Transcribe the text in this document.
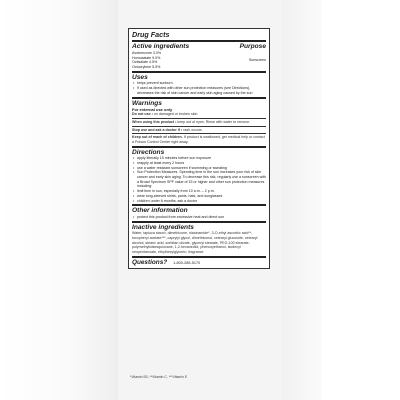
Drug Facts
Active ingredients	Purpose
Avobenzone 3.0%
Homosalate 9.0%
Octisalate 4.5%
Octocrylene 5.5%
Sunscreen
Uses
• helps prevent sunburn
• if used as directed with other sun protection measures (see Directions), decreases the risk of skin cancer and early skin aging caused by the sun
Warnings
For external use only
Do not use • on damaged or broken skin
When using this product • keep out of eyes. Rinse with water to remove.
Stop use and ask a doctor if • rash occurs
Keep out of reach of children. If product is swallowed, get medical help or contact a Poison Control Center right away.
Directions
• apply liberally 15 minutes before sun exposure
• reapply at least every 2 hours
• use a water resistant sunscreen if swimming or sweating
• Sun Protection Measures. Spending time in the sun increases your risk of skin cancer and early skin aging. To decrease this risk, regularly use a sunscreen with a Broad Spectrum SPF value of 15 or higher and other sun protection measures including:
• limit time in sun, especially from 10 a.m. – 2 p.m.
• wear long-sleeved shirts, pants, hats, and sunglasses
• children under 6 months: ask a doctor
Other information
• protect this product from excessive heat and direct sun
Inactive ingredients
Water, tapioca starch, dimethicone, niacinamide*, 3-O-ethyl ascorbic acid**, tocopheryl acetate***, caprylyl glycol, dimethiconol, cetearyl glucoside, cetearyl alcohol, stearic acid, sorbitan olivate, glyceryl stearate, PEG-100 stearate, polymethylsilsesquioxane, 1,2-hexanediol, phenoxyethanol, isodecyl neopentanoate, ethylhexylglycerin, fragrance
Questions? 1-800-285-5170
*Vitamin B3, **Vitamin C, ***Vitamin E
